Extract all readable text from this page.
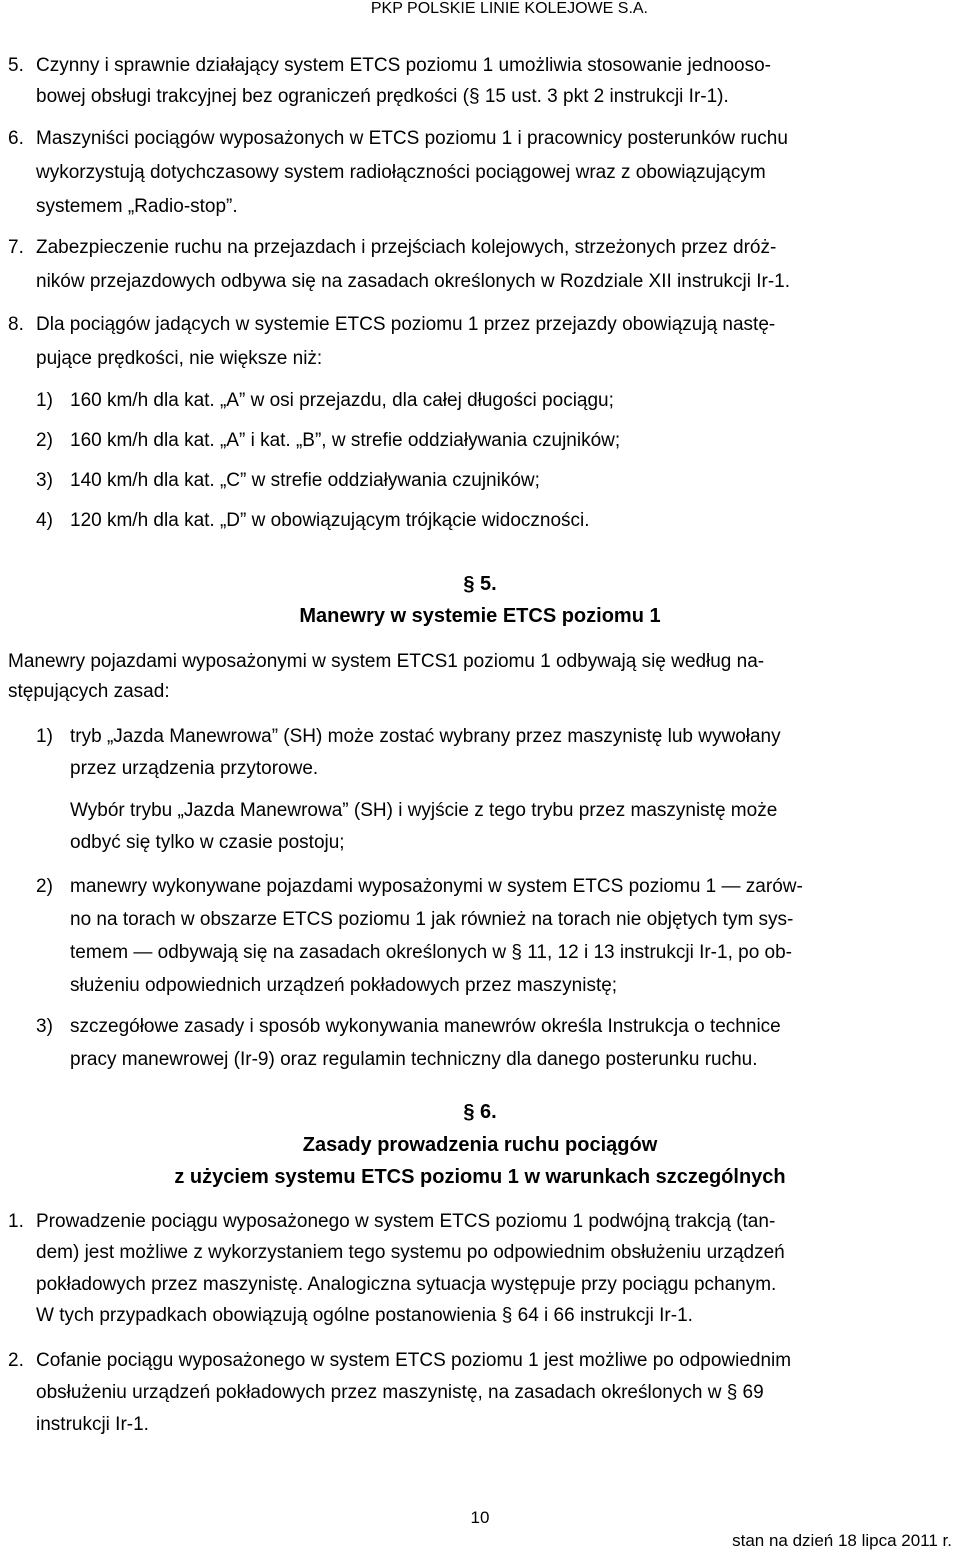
PKP POLSKIE LINIE KOLEJOWE S.A.
5. Czynny i sprawnie działający system ETCS poziomu 1 umożliwia stosowanie jednooso-
bowej obsługi trakcyjnej bez ograniczeń prędkości (§ 15 ust. 3 pkt 2 instrukcji Ir-1).
6. Maszyniści pociągów wyposażonych w ETCS poziomu 1 i pracownicy posterunków ruchu
wykorzystują dotychczasowy system radiołączności pociągowej wraz z obowiązującym
systemem „Radio-stop”.
7. Zabezpieczenie ruchu na przejazdach i przejściach kolejowych, strzeżonych przez dróż-
ników przejazdowych odbywa się na zasadach określonych w Rozdziale XII instrukcji Ir-1.
8. Dla pociągów jadących w systemie ETCS poziomu 1 przez przejazdy obowiązują nastę-
pujące prędkości, nie większe niż:
1) 160 km/h dla kat. „A” w osi przejazdu, dla całej długości pociągu;
2) 160 km/h dla kat. „A” i kat. „B”, w strefie oddziaływania czujników;
3) 140 km/h dla kat. „C” w strefie oddziaływania czujników;
4) 120 km/h dla kat. „D” w obowiązującym trójkącie widoczności.
§ 5.
Manewry w systemie ETCS poziomu 1
Manewry pojazdami wyposażonymi w system ETCS1 poziomu 1 odbywają się według na-
stępujących zasad:
1) tryb „Jazda Manewrowa” (SH) może zostać wybrany przez maszynistę lub wywołany
przez urządzenia przytorowe.
Wybór trybu „Jazda Manewrowa” (SH) i wyjście z tego trybu przez maszynistę może
odbyć się tylko w czasie postoju;
2) manewry wykonywane pojazdami wyposażonymi w system ETCS poziomu 1 — zarów-
no na torach w obszarze ETCS poziomu 1 jak również na torach nie objętych tym sys-
temem — odbywają się na zasadach określonych w § 11, 12 i 13 instrukcji Ir-1, po ob-
służeniu odpowiednich urządzeń pokładowych przez maszynistę;
3) szczegółowe zasady i sposób wykonywania manewrów określa Instrukcja o technice
pracy manewrowej (Ir-9) oraz regulamin techniczny dla danego posterunku ruchu.
§ 6.
Zasady prowadzenia ruchu pociągów
z użyciem systemu ETCS poziomu 1 w warunkach szczególnych
1. Prowadzenie pociągu wyposażonego w system ETCS poziomu 1 podwójną trakcją (tan-
dem) jest możliwe z wykorzystaniem tego systemu po odpowiednim obsłużeniu urządzeń
pokładowych przez maszynistę. Analogiczna sytuacja występuje przy pociągu pchanym.
W tych przypadkach obowiązują ogólne postanowienia § 64 i 66 instrukcji Ir-1.
2. Cofanie pociągu wyposażonego w system ETCS poziomu 1 jest możliwe po odpowiednim
obsłużeniu urządzeń pokładowych przez maszynistę, na zasadach określonych w § 69
instrukcji Ir-1.
10
stan na dzień 18 lipca 2011 r.
